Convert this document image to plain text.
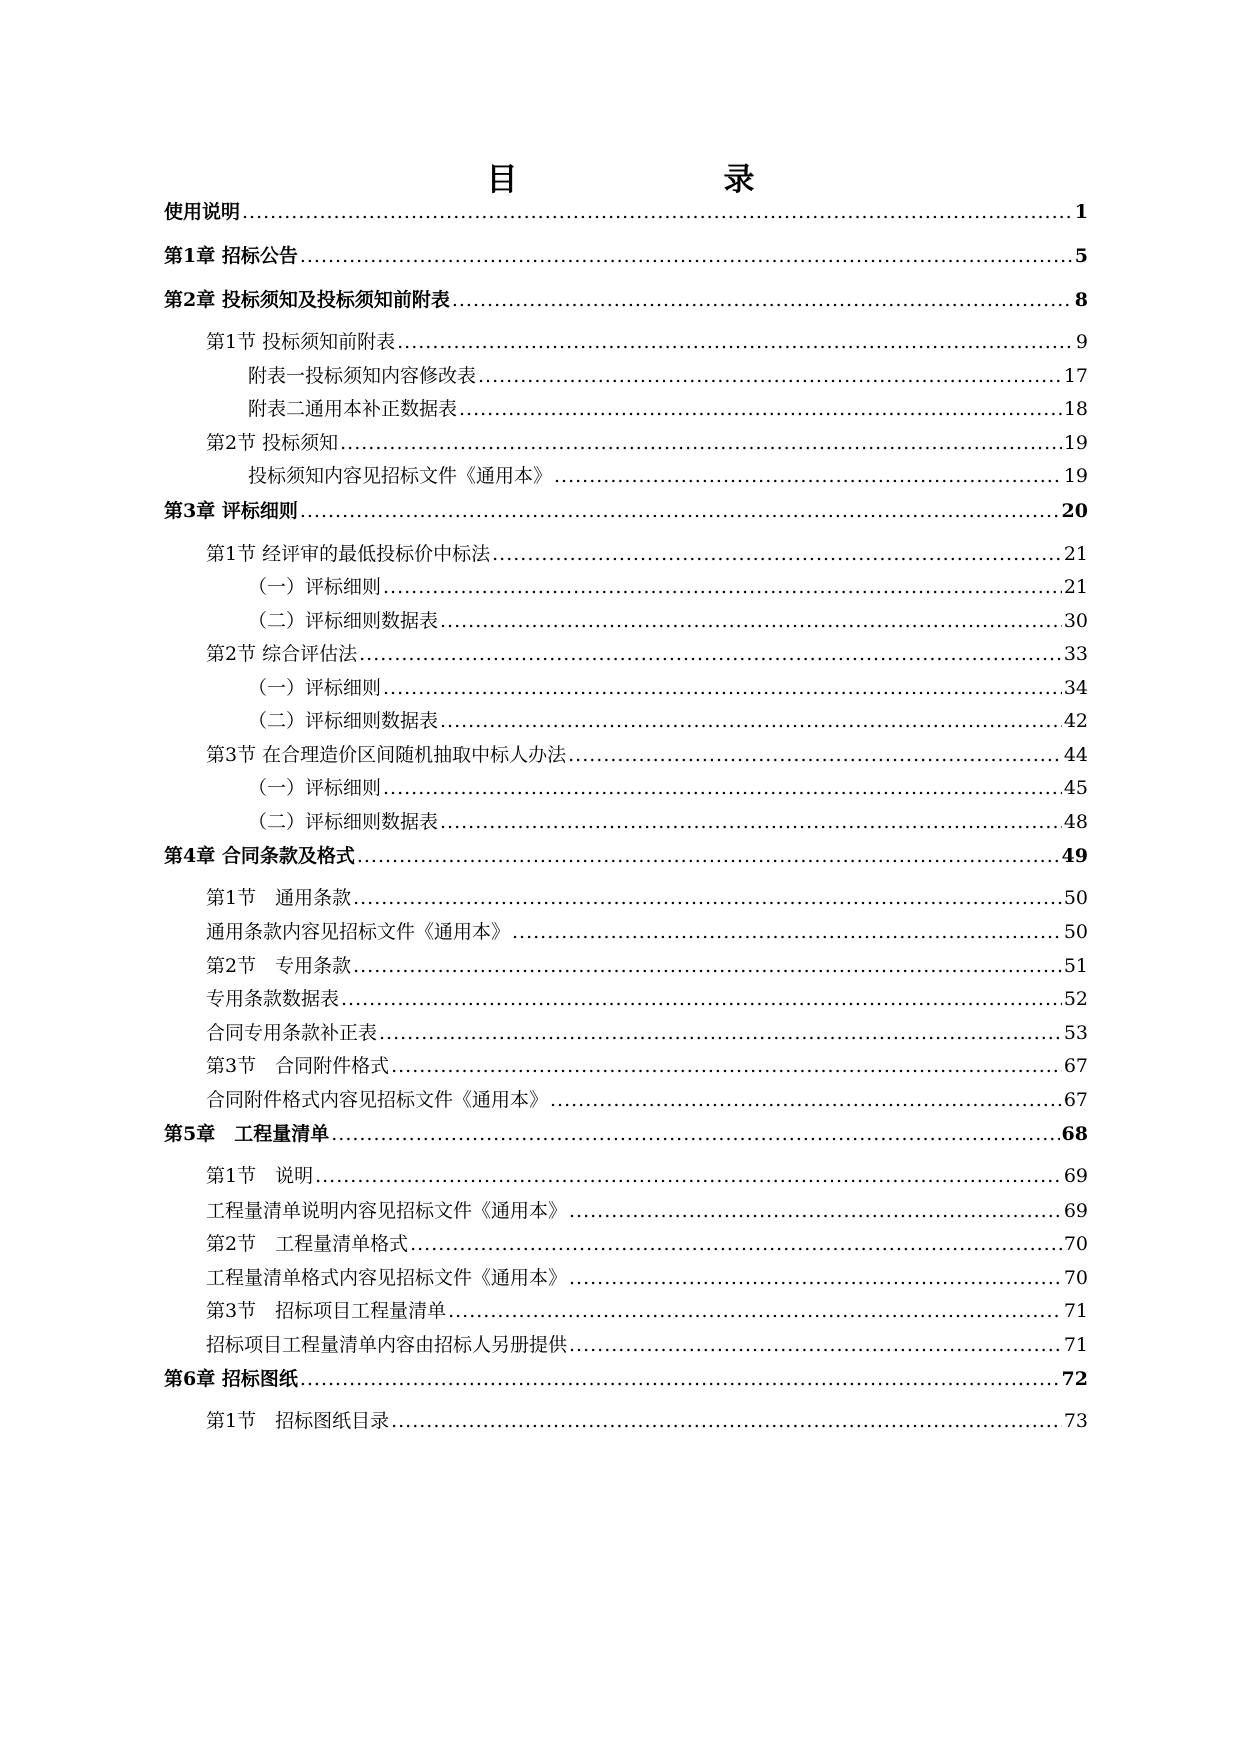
目　　录
使用说明 .....	1
第1章 招标公告 .....	5
第2章 投标须知及投标须知前附表 .....	8
第1节 投标须知前附表 .....	9
附表一投标须知内容修改表 .....	17
附表二通用本补正数据表 .....	18
第2节 投标须知 .....	19
投标须知内容见招标文件《通用本》 .....	19
第3章 评标细则 .....	20
第1节 经评审的最低投标价中标法 .....	21
（一）评标细则 .....	21
（二）评标细则数据表 .....	30
第2节 综合评估法 .....	33
（一）评标细则 .....	34
（二）评标细则数据表 .....	42
第3节 在合理造价区间随机抽取中标人办法 .....	44
（一）评标细则 .....	45
（二）评标细则数据表 .....	48
第4章 合同条款及格式 .....	49
第1节　通用条款 .....	50
通用条款内容见招标文件《通用本》 .....	50
第2节　专用条款 .....	51
专用条款数据表 .....	52
合同专用条款补正表 .....	53
第3节　合同附件格式 .....	67
合同附件格式内容见招标文件《通用本》 .....	67
第5章　工程量清单 .....	68
第1节　说明 .....	69
工程量清单说明内容见招标文件《通用本》 .....	69
第2节　工程量清单格式 .....	70
工程量清单格式内容见招标文件《通用本》 .....	70
第3节　招标项目工程量清单 .....	71
招标项目工程量清单内容由招标人另册提供 .....	71
第6章 招标图纸 .....	72
第1节　招标图纸目录 .....	73
